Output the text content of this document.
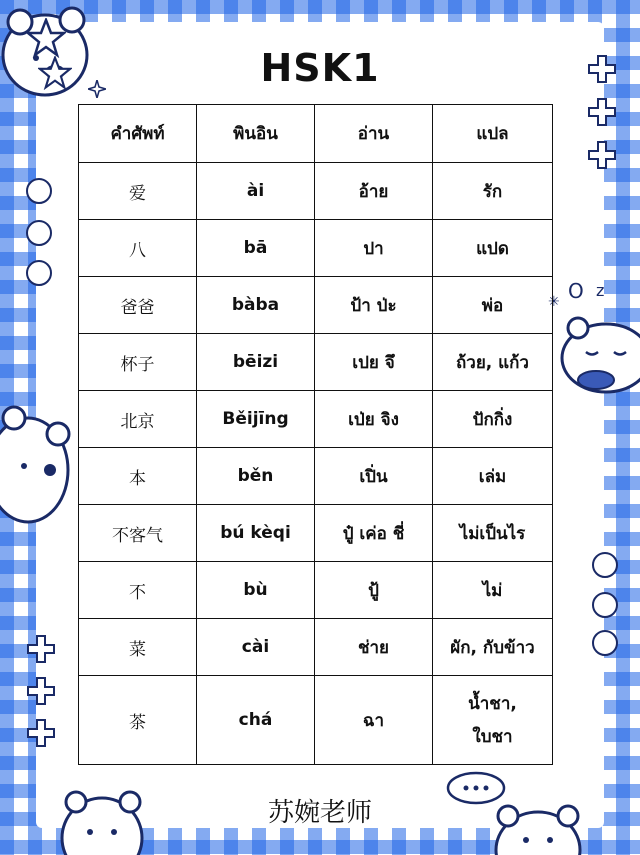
O z
✳
HSK1
คำศัพท์	พินอิน	อ่าน	แปล
爱	ài	อ้าย	รัก
八	bā	ปา	แปด
爸爸	bàba	ป้า ป่ะ	พ่อ
杯子	bēizi	เปย จึ	ถ้วย, แก้ว
北京	Běijīng	เป่ย จิง	ปักกิ่ง
本	běn	เปิ่น	เล่ม
不客气	bú kèqi	ปู๋ เค่อ ชี่	ไม่เป็นไร
不	bù	ปู้	ไม่
菜	cài	ช่าย	ผัก, กับข้าว
茶	chá	ฉา	น้ำชา,
ใบชา
苏婉老师
